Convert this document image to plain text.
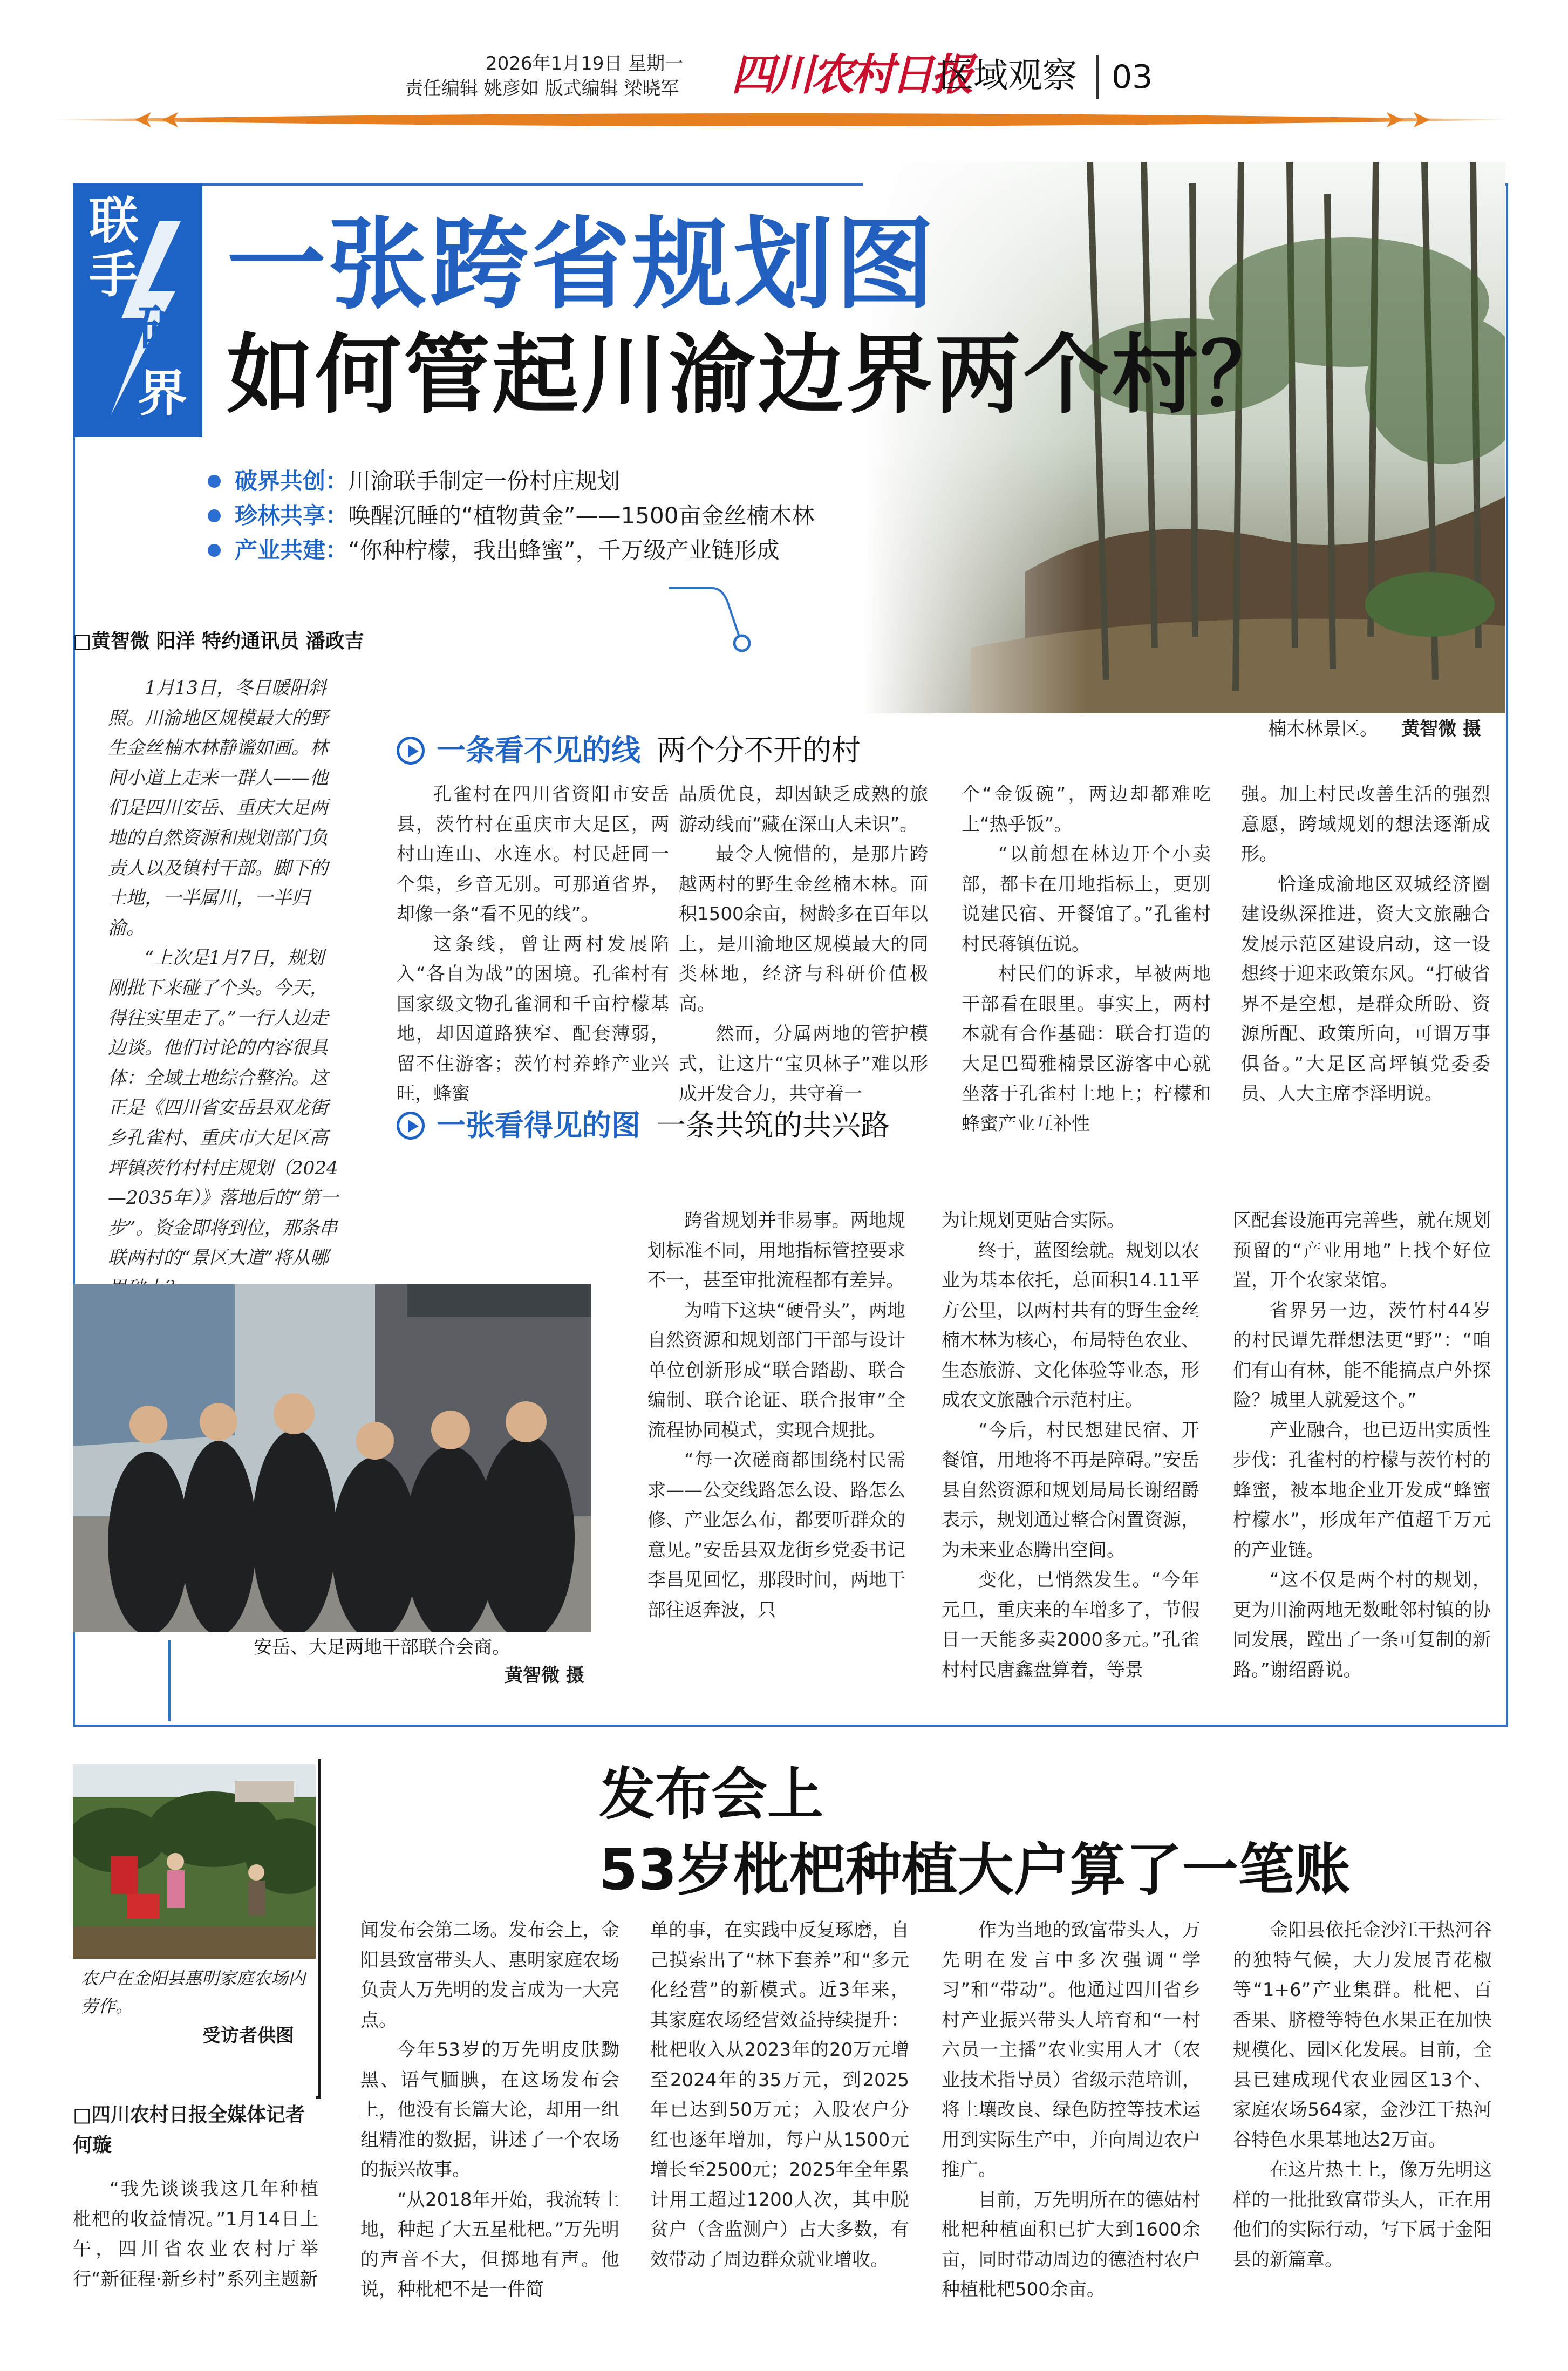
2026年1月19日 星期一
责任编辑 姚彦如 版式编辑 梁晓军 四川农村日报
区域观察 03
联
手
破
界
一张跨省规划图
如何管起川渝边界两个村？
破界共创：川渝联手制定一份村庄规划
珍林共享：唤醒沉睡的“植物黄金”——1500亩金丝楠木林
产业共建：“你种柠檬，我出蜂蜜”，千万级产业链形成
□黄智微 阳洋 特约通讯员 潘政吉
楠木林景区。 黄智微 摄

1月13日，冬日暖阳斜照。川渝地区规模最大的野生金丝楠木林静谧如画。林间小道上走来一群人——他们是四川安岳、重庆大足两地的自然资源和规划部门负责人以及镇村干部。脚下的土地，一半属川，一半归渝。

“上次是1月7日，规划刚批下来碰了个头。今天，得往实里走了。”一行人边走边谈。他们讨论的内容很具体：全域土地综合整治。这正是《四川省安岳县双龙街乡孔雀村、重庆市大足区高坪镇茨竹村村庄规划（2024—2035年）》落地后的“第一步”。资金即将到位，那条串联两村的“景区大道”将从哪

一条看不见的线 两个分不开的村

孔雀村在四川省资阳市安岳县，茨竹村在重庆市大足区，两村山连山、水连水。村民赶同一个集，乡音无别。可那道省界，却像一条“看不见的线”。

这条线，曾让两村发展陷入“各自为战”的困境。孔雀村有国家级文物孔雀洞和千亩柠檬基地，却因道路狭窄、配套薄弱，留不住游客；茨竹村养蜂产业兴旺，蜂蜜

品质优良，却因缺乏成熟的旅游动线而“藏在深山人未识”。

最令人惋惜的，是那片跨越两村的野生金丝楠木林。面积1500余亩，树龄多在百年以上，是川渝地区规模最大的同类林地，经济与科研价值极高。

然而，分属两地的管护模式，让这片“宝贝林子”难以形成开发合力，共守着一

个“金饭碗”，两边却都难吃上“热乎饭”。

“以前想在林边开个小卖部，都卡在用地指标上，更别说建民宿、开餐馆了。”孔雀村村民蒋镇伍说。

村民们的诉求，早被两地干部看在眼里。事实上，两村本就有合作基础：联合打造的大足巴蜀雅楠景区游客中心就坐落于孔雀村土地上；柠檬和蜂蜜产业互补性

强。加上村民改善生活的强烈意愿，跨域规划的想法逐渐成形。

恰逢成渝地区双城经济圈建设纵深推进，资大文旅融合发展示范区建设启动，这一设想终于迎来政策东风。“打破省界不是空想，是群众所盼、资源所配、政策所向，可谓万事俱备。”大足区高坪镇党委委员、人大主席李泽明说。

一张看得见的图 一条共筑的共兴路

跨省规划并非易事。两地规划标准不同，用地指标管控要求不一，甚至审批流程都有差异。

为啃下这块“硬骨头”，两地自然资源和规划部门干部与设计单位创新形成“联合踏勘、联合编制、联合论证、联合报审”全流程协同模式，实现合规批。

“每一次磋商都围绕村民需求——公交线路怎么设、路怎么修、产业怎么布，都要听群众的意见。”安岳县双龙街乡党委书记李昌见回忆，那段时间，两地干部往返奔波，只

为让规划更贴合实际。

终于，蓝图绘就。规划以农业为基本依托，总面积14.11平方公里，以两村共有的野生金丝楠木林为核心，布局特色农业、生态旅游、文化体验等业态，形成农文旅融合示范村庄。

“今后，村民想建民宿、开餐馆，用地将不再是障碍。”安岳县自然资源和规划局局长谢绍爵表示，规划通过整合闲置资源，为未来业态腾出空间。

变化，已悄然发生。“今年元旦，重庆来的车增多了，节假日一天能多卖2000多元。”孔雀村村民唐鑫盘算着，等景

区配套设施再完善些，就在规划预留的“产业用地”上找个好位置，开个农家菜馆。

省界另一边，茨竹村44岁的村民谭先群想法更“野”：“咱们有山有林，能不能搞点户外探险？城里人就爱这个。”

产业融合，也已迈出实质性步伐：孔雀村的柠檬与茨竹村的蜂蜜，被本地企业开发成“蜂蜜柠檬水”，形成年产值超千万元的产业链。

“这不仅是两个村的规划，更为川渝两地无数毗邻村镇的协同发展，蹚出了一条可复制的新路。”谢绍爵说。

安岳、大足两地干部联合会商。
黄智微 摄
农户在金阳县惠明家庭农场内劳作。
受访者供图
发布会上
53岁枇杷种植大户算了一笔账
□四川农村日报全媒体记者 何璇

“我先谈谈我这几年种植枇杷的收益情况。”1月14日上午，四川省农业农村厅举行“新征程·新乡村”系列主题新

闻发布会第二场。发布会上，金阳县致富带头人、惠明家庭农场负责人万先明的发言成为一大亮点。

今年53岁的万先明皮肤黝黑、语气腼腆，在这场发布会上，他没有长篇大论，却用一组组精准的数据，讲述了一个农场的振兴故事。

“从2018年开始，我流转土地，种起了大五星枇杷。”万先明的声音不大，但掷地有声。他说，种枇杷不是一件简

单的事，在实践中反复琢磨，自己摸索出了“林下套养”和“多元化经营”的新模式。近3年来，其家庭农场经营效益持续提升：枇杷收入从2023年的20万元增至2024年的35万元，到2025年已达到50万元；入股农户分红也逐年增加，每户从1500元增长至2500元；2025年全年累计用工超过1200人次，其中脱贫户（含监测户）占大多数，有效带动了周边群众就业增收。

作为当地的致富带头人，万先明在发言中多次强调“学习”和“带动”。他通过四川省乡村产业振兴带头人培育和“一村六员一主播”农业实用人才（农业技术指导员）省级示范培训，将土壤改良、绿色防控等技术运用到实际生产中，并向周边农户推广。

目前，万先明所在的德姑村枇杷种植面积已扩大到1600余亩，同时带动周边的德渣村农户种植枇杷500余亩。

金阳县依托金沙江干热河谷的独特气候，大力发展青花椒等“1+6”产业集群。枇杷、百香果、脐橙等特色水果正在加快规模化、园区化发展。目前，全县已建成现代农业园区13个、家庭农场564家，金沙江干热河谷特色水果基地达2万亩。

在这片热土上，像万先明这样的一批批致富带头人，正在用他们的实际行动，写下属于金阳县的新篇章。
